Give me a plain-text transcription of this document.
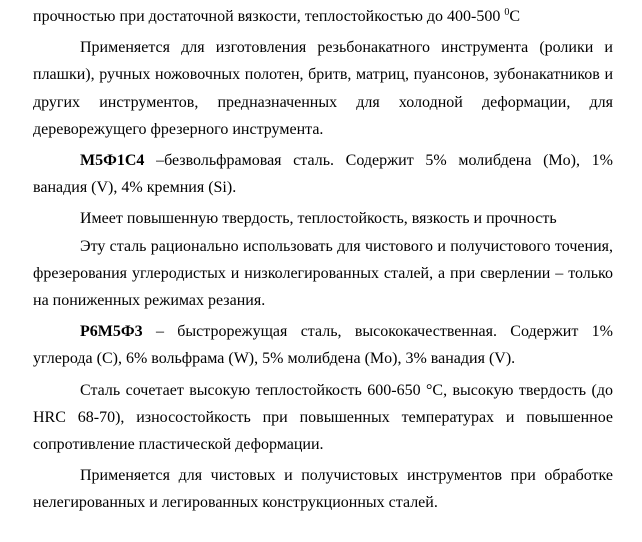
прочностью при достаточной вязкости, теплостойкостью до 400-500 $^0$С

Применяется для изготовления резьбонакатного инструмента (ролики и плашки), ручных ножовочных полотен, бритв, матриц, пуансонов, зубонакатников и других инструментов, предназначенных для холодной деформации, для дереворежущего фрезерного инструмента.

М5Ф1С4 –безвольфрамовая сталь. Содержит 5% молибдена (Mo), 1% ванадия (V), 4% кремния (Si).

Имеет повышенную твердость, теплостойкость, вязкость и прочность

Эту сталь рационально использовать для чистового и получистового точения, фрезерования углеродистых и низколегированных сталей, а при сверлении – только на пониженных режимах резания.

Р6М5Ф3 – быстрорежущая сталь, высококачественная. Содержит 1% углерода (C), 6% вольфрама (W), 5% молибдена (Mo), 3% ванадия (V).

Сталь сочетает высокую теплостойкость 600-650 °С, высокую твердость (до HRC 68-70), износостойкость при повышенных температурах и повышенное сопротивление пластической деформации.

Применяется для чистовых и получистовых инструментов при обработке нелегированных и легированных конструкционных сталей.
